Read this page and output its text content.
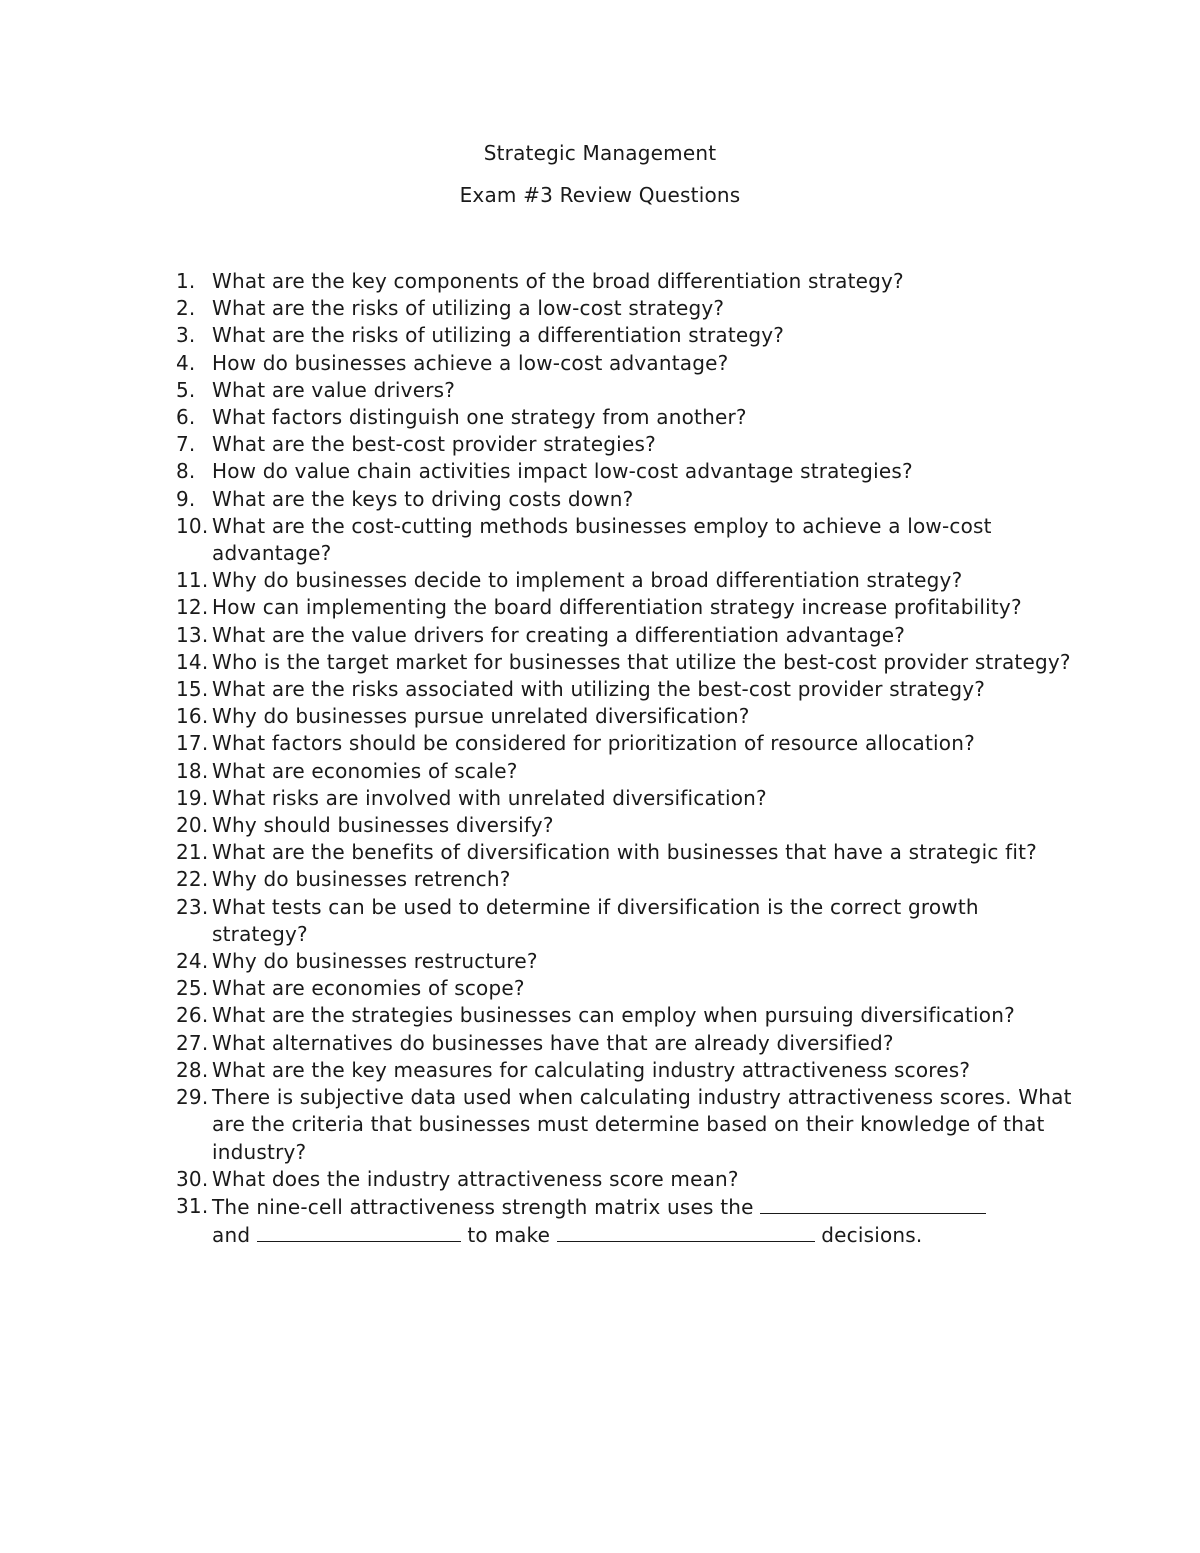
Strategic Management
Exam #3 Review Questions
1. What are the key components of the broad differentiation strategy?
2. What are the risks of utilizing a low-cost strategy?
3. What are the risks of utilizing a differentiation strategy?
4. How do businesses achieve a low-cost advantage?
5. What are value drivers?
6. What factors distinguish one strategy from another?
7. What are the best-cost provider strategies?
8. How do value chain activities impact low-cost advantage strategies?
9. What are the keys to driving costs down?
10. What are the cost-cutting methods businesses employ to achieve a low-cost advantage?
11. Why do businesses decide to implement a broad differentiation strategy?
12. How can implementing the board differentiation strategy increase profitability?
13. What are the value drivers for creating a differentiation advantage?
14. Who is the target market for businesses that utilize the best-cost provider strategy?
15. What are the risks associated with utilizing the best-cost provider strategy?
16. Why do businesses pursue unrelated diversification?
17. What factors should be considered for prioritization of resource allocation?
18. What are economies of scale?
19. What risks are involved with unrelated diversification?
20. Why should businesses diversify?
21. What are the benefits of diversification with businesses that have a strategic fit?
22. Why do businesses retrench?
23. What tests can be used to determine if diversification is the correct growth strategy?
24. Why do businesses restructure?
25. What are economies of scope?
26. What are the strategies businesses can employ when pursuing diversification?
27. What alternatives do businesses have that are already diversified?
28. What are the key measures for calculating industry attractiveness scores?
29. There is subjective data used when calculating industry attractiveness scores. What are the criteria that businesses must determine based on their knowledge of that industry?
30. What does the industry attractiveness score mean?
31. The nine-cell attractiveness strength matrix uses the
and	to make	decisions.
